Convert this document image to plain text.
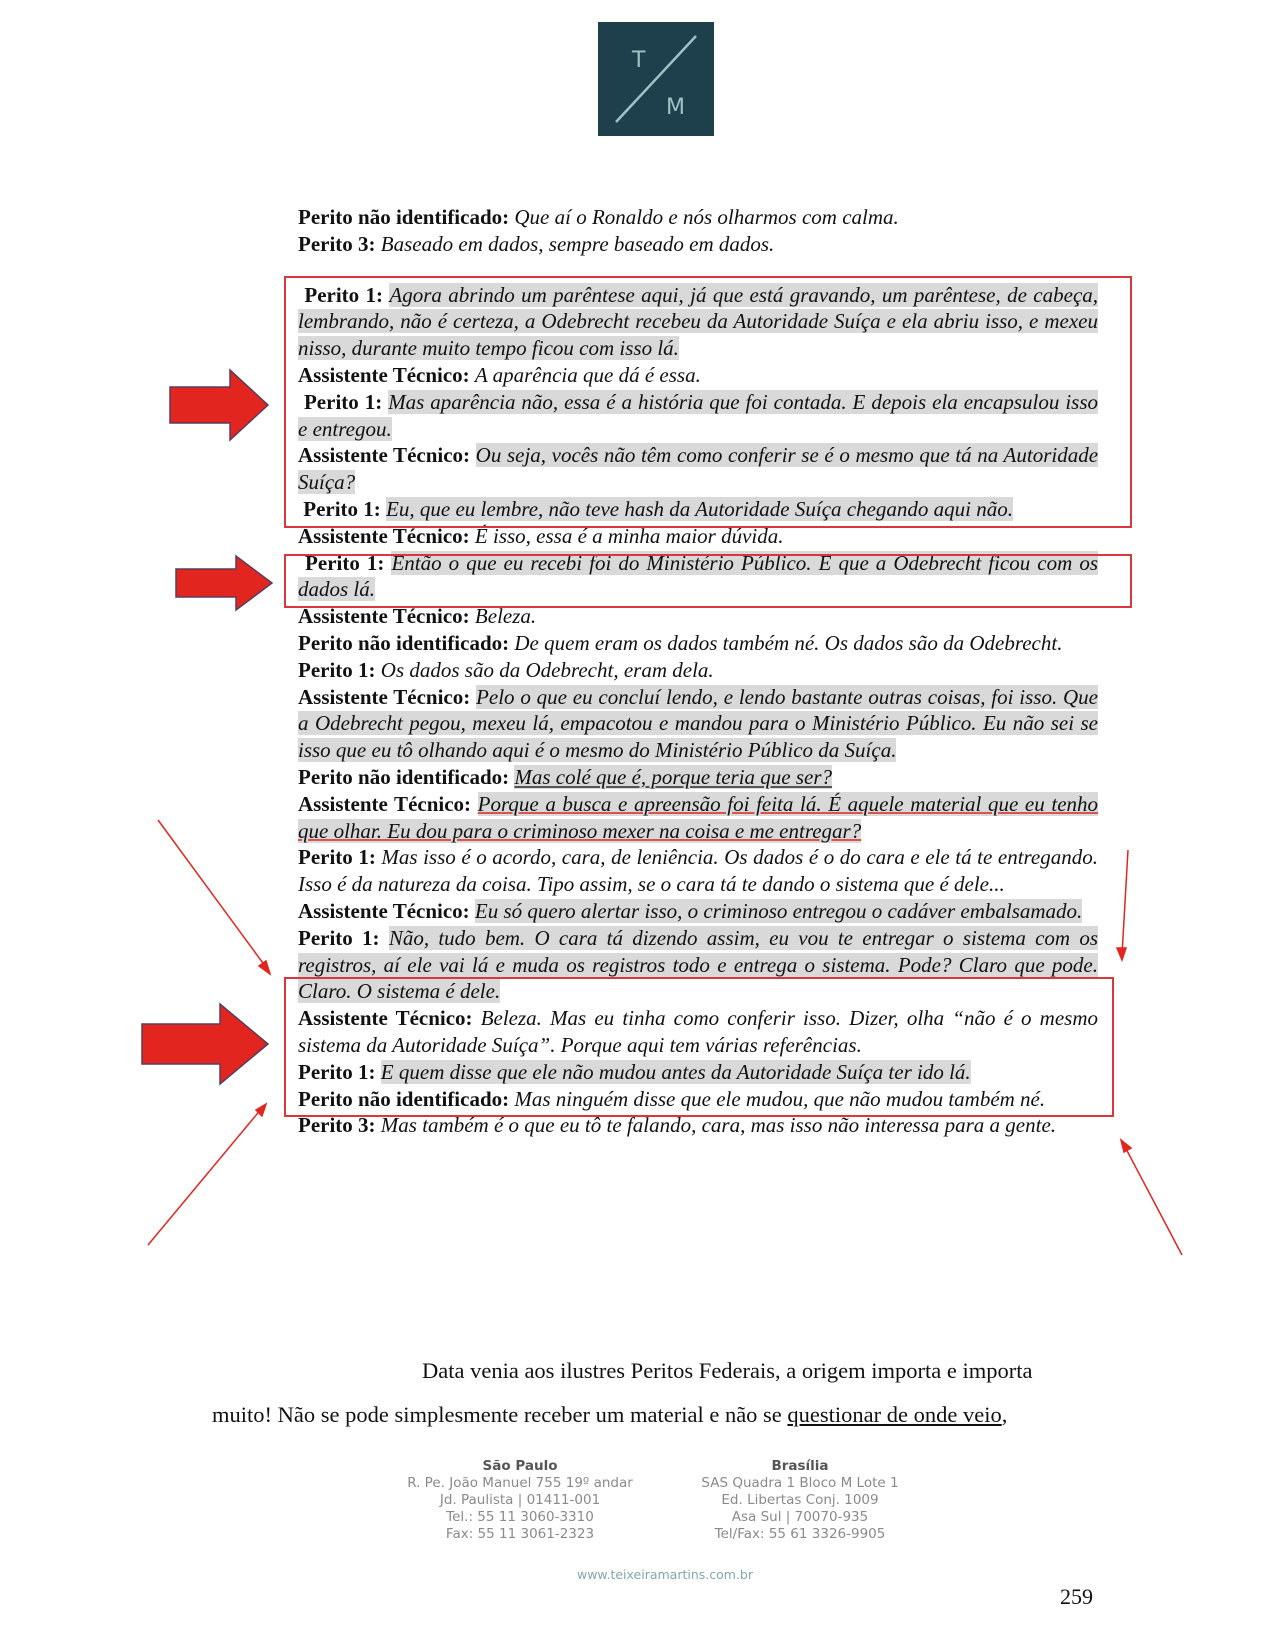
T
M

Perito não identificado: Que aí o Ronaldo e nós olharmos com calma.

Perito 3: Baseado em dados, sempre baseado em dados.

Perito 1: Agora abrindo um parêntese aqui, já que está gravando, um parêntese, de cabeça, lembrando, não é certeza, a Odebrecht recebeu da Autoridade Suíça e ela abriu isso, e mexeu nisso, durante muito tempo ficou com isso lá.

Assistente Técnico: A aparência que dá é essa.

Perito 1: Mas aparência não, essa é a história que foi contada. E depois ela encapsulou isso e entregou.

Assistente Técnico: Ou seja, vocês não têm como conferir se é o mesmo que tá na Autoridade Suíça?

Perito 1: Eu, que eu lembre, não teve hash da Autoridade Suíça chegando aqui não.

Assistente Técnico: É isso, essa é a minha maior dúvida.

Perito 1: Então o que eu recebi foi do Ministério Público. E que a Odebrecht ficou com os dados lá.

Assistente Técnico: Beleza.

Perito não identificado: De quem eram os dados também né. Os dados são da Odebrecht.

Perito 1: Os dados são da Odebrecht, eram dela.

Assistente Técnico: Pelo o que eu concluí lendo, e lendo bastante outras coisas, foi isso. Que a Odebrecht pegou, mexeu lá, empacotou e mandou para o Ministério Público. Eu não sei se isso que eu tô olhando aqui é o mesmo do Ministério Público da Suíça.

Perito não identificado: Mas colé que é, porque teria que ser?

Assistente Técnico: Porque a busca e apreensão foi feita lá. É aquele material que eu tenho que olhar. Eu dou para o criminoso mexer na coisa e me entregar?

Perito 1: Mas isso é o acordo, cara, de leniência. Os dados é o do cara e ele tá te entregando. Isso é da natureza da coisa. Tipo assim, se o cara tá te dando o sistema que é dele...

Assistente Técnico: Eu só quero alertar isso, o criminoso entregou o cadáver embalsamado.

Perito 1: Não, tudo bem. O cara tá dizendo assim, eu vou te entregar o sistema com os registros, aí ele vai lá e muda os registros todo e entrega o sistema. Pode? Claro que pode. Claro. O sistema é dele.

Assistente Técnico: Beleza. Mas eu tinha como conferir isso. Dizer, olha “não é o mesmo sistema da Autoridade Suíça”. Porque aqui tem várias referências.

Perito 1: E quem disse que ele não mudou antes da Autoridade Suíça ter ido lá.

Perito não identificado: Mas ninguém disse que ele mudou, que não mudou também né.

Perito 3: Mas também é o que eu tô te falando, cara, mas isso não interessa para a gente.

Data venia aos ilustres Peritos Federais, a origem importa e importa
muito! Não se pode simplesmente receber um material e não se questionar de onde veio,
São Paulo
R. Pe. João Manuel 755 19º andar
Jd. Paulista | 01411-001
Tel.: 55 11 3060-3310
Fax: 55 11 3061-2323
Brasília
SAS Quadra 1 Bloco M Lote 1
Ed. Libertas Conj. 1009
Asa Sul | 70070-935
Tel/Fax: 55 61 3326-9905
www.teixeiramartins.com.br
259
